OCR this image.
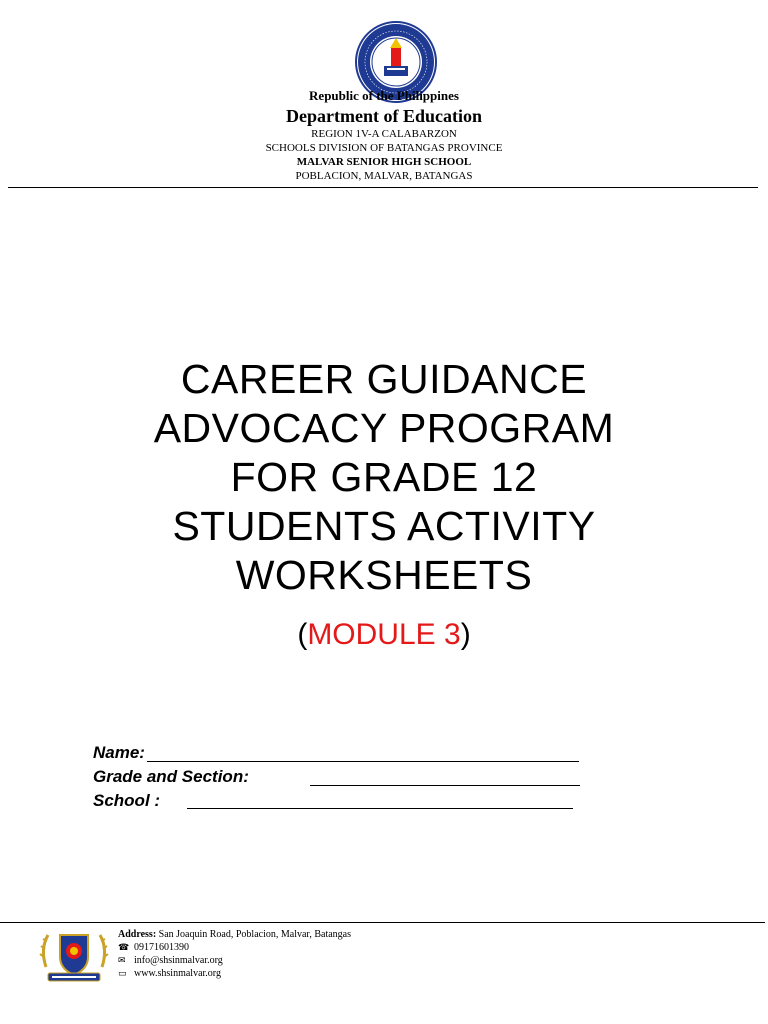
Republic of the Philippines
Department of Education
REGION 1V-A CALABARZON
SCHOOLS DIVISION OF BATANGAS PROVINCE
MALVAR SENIOR HIGH SCHOOL
POBLACION, MALVAR, BATANGAS
CAREER GUIDANCE
ADVOCACY PROGRAM
FOR GRADE 12
STUDENTS ACTIVITY
WORKSHEETS
(MODULE 3)
Name:
Grade and Section:
School :
Address: San Joaquin Road, Poblacion, Malvar, Batangas
☎ 09171601390
✉ info@shsinmalvar.org
▭ www.shsinmalvar.org
